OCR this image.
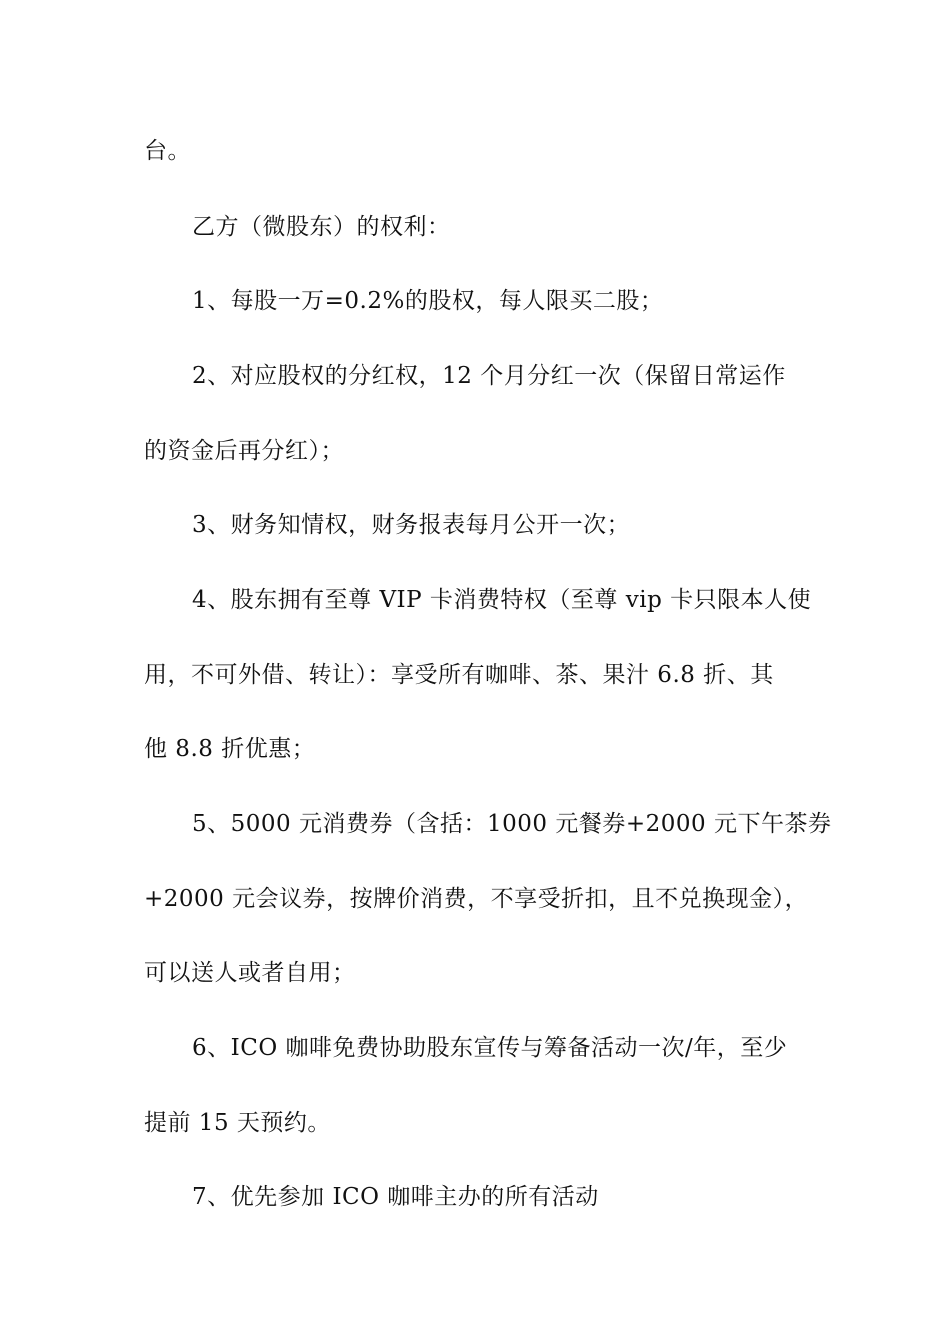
台。
乙方（微股东）的权利：
1、每股一万=0.2%的股权，每人限买二股；
2、对应股权的分红权，12 个月分红一次（保留日常运作
的资金后再分红）；
3、财务知情权，财务报表每月公开一次；
4、股东拥有至尊 VIP 卡消费特权（至尊 vip 卡只限本人使
用，不可外借、转让）：享受所有咖啡、茶、果汁 6.8 折、其
他 8.8 折优惠；
5、5000 元消费券（含括：1000 元餐券+2000 元下午茶券
+2000 元会议券，按牌价消费，不享受折扣，且不兑换现金），
可以送人或者自用；
6、ICO 咖啡免费协助股东宣传与筹备活动一次/年，至少
提前 15 天预约。
7、优先参加 ICO 咖啡主办的所有活动
